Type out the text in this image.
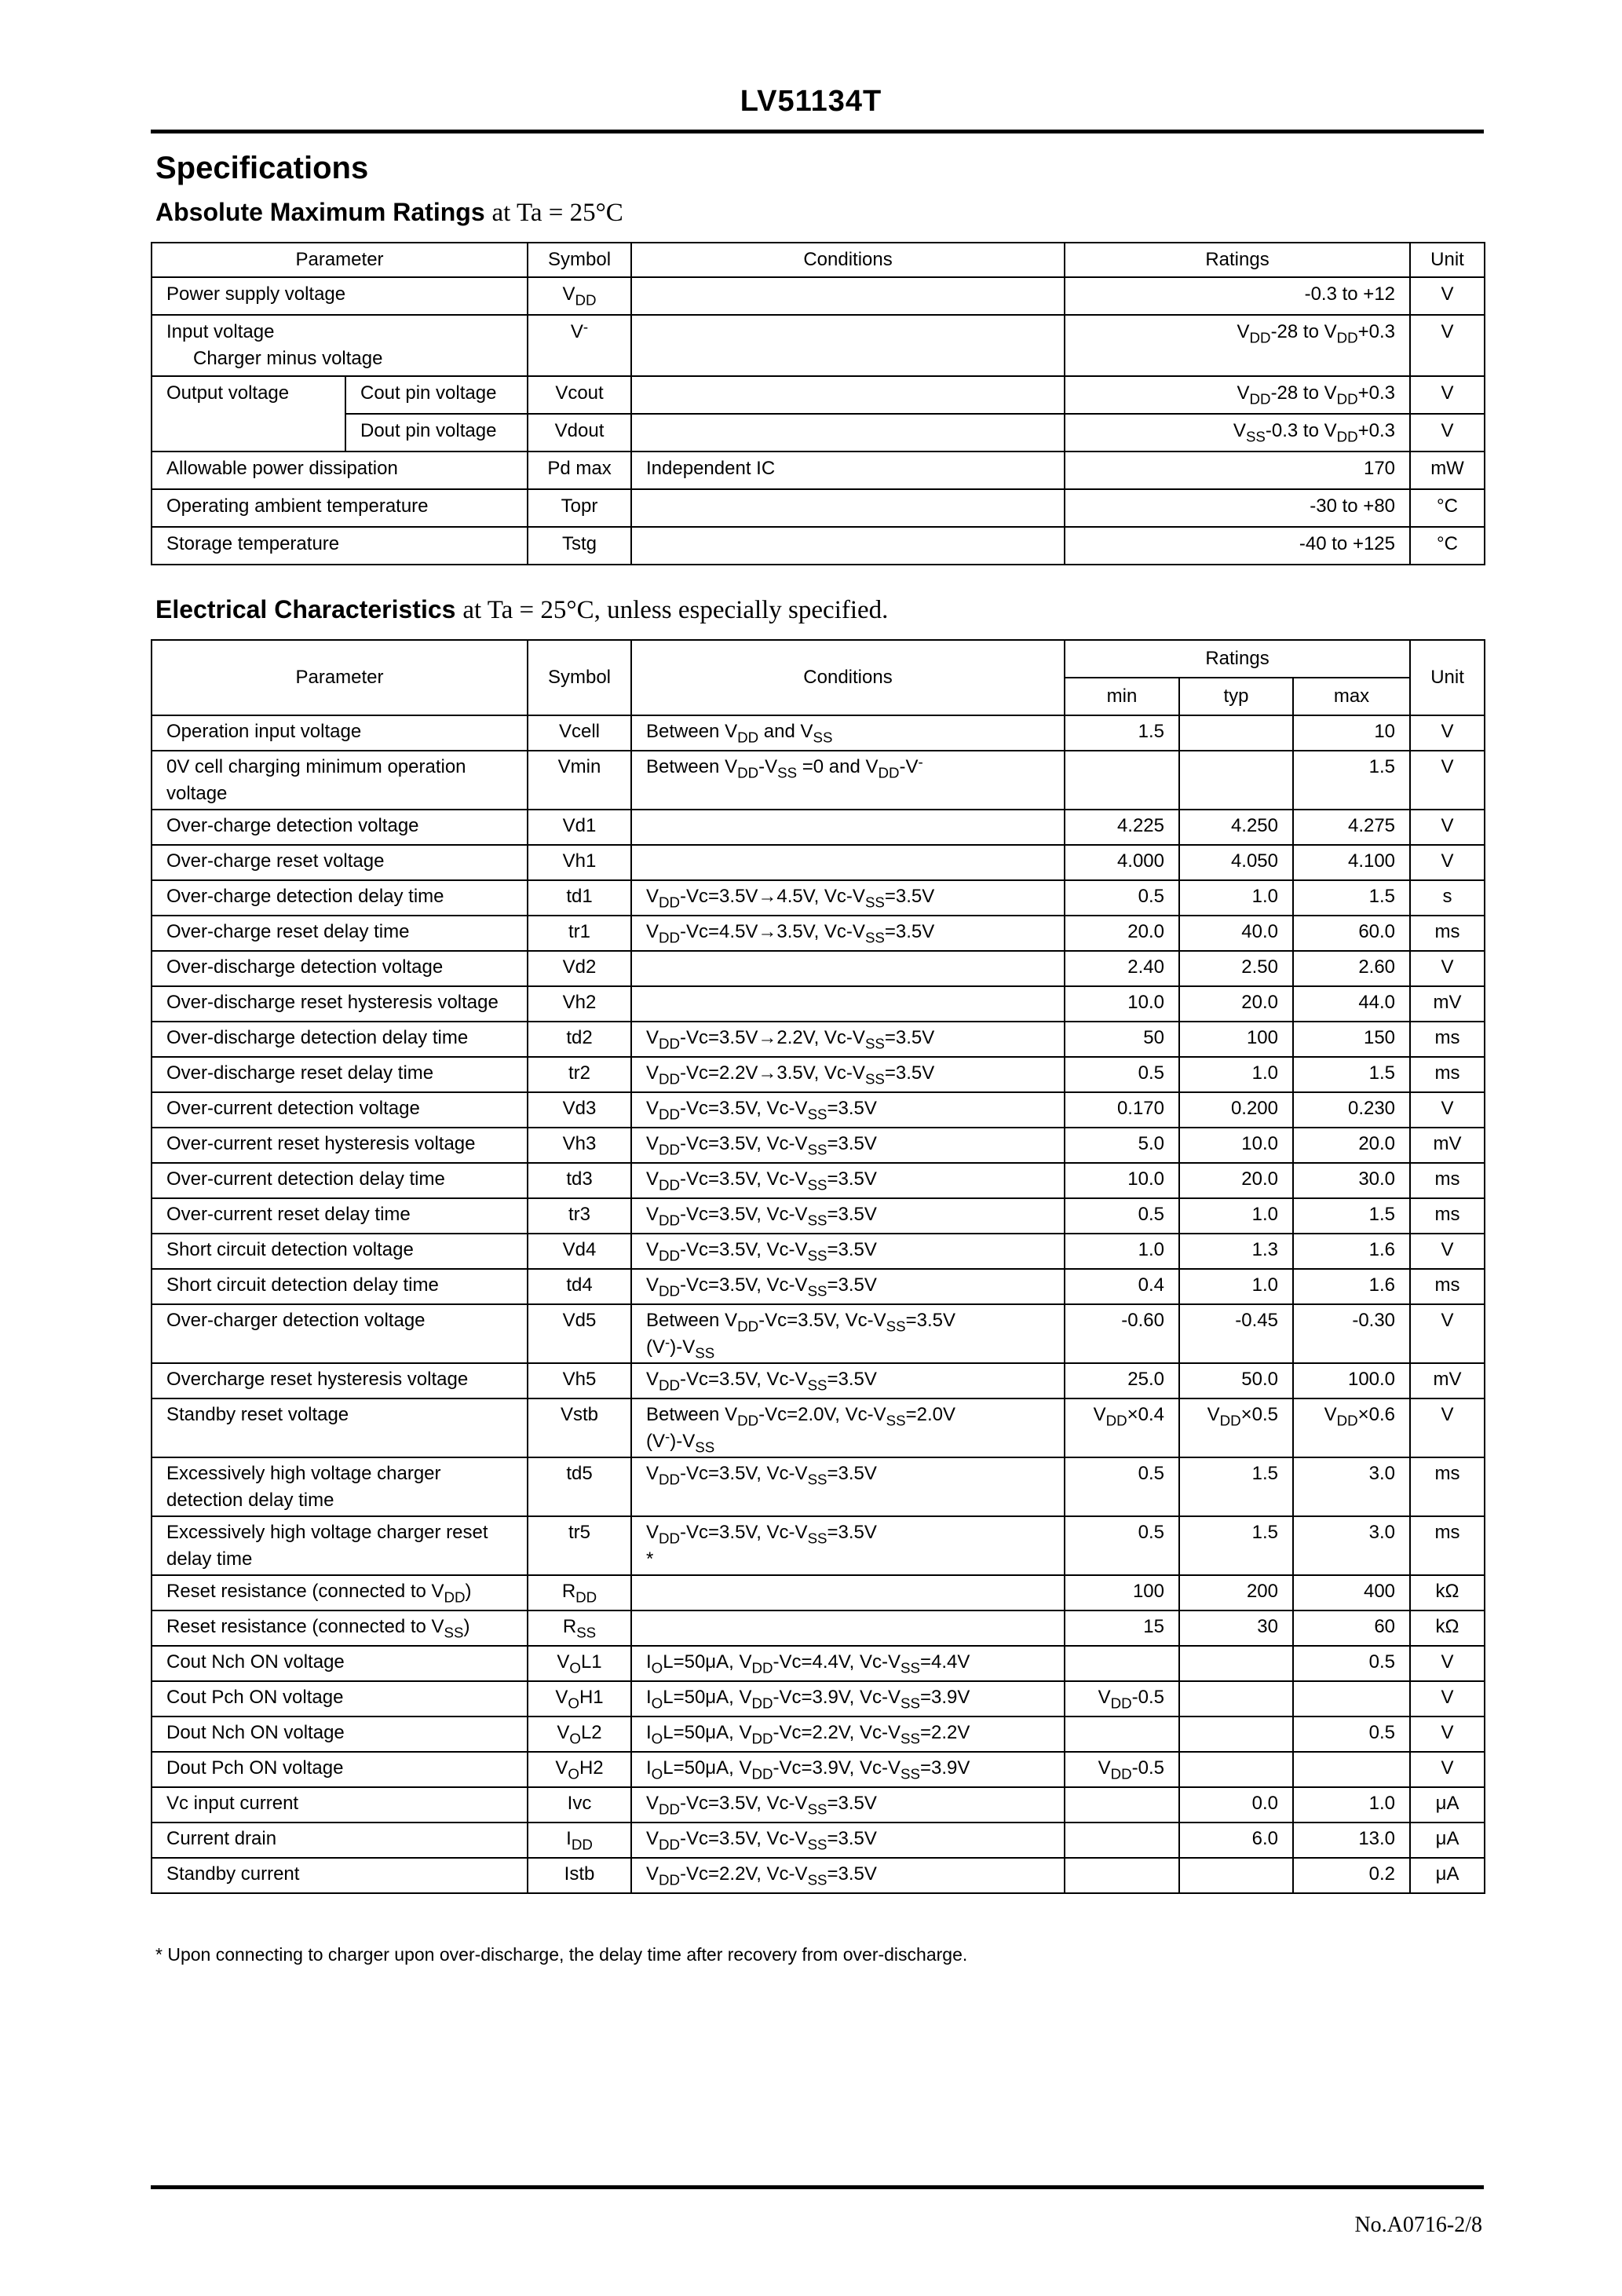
LV51134T
Specifications
Absolute Maximum Ratings at Ta = 25°C
Parameter		Symbol	Conditions	Ratings	Unit
Power supply voltage		$V_{DD}$		-0.3 to +12	V
Input voltage
Charger minus voltage		V-		$V_{DD}-28$ to $V_{DD}+0.3$	V
Output voltage	Cout pin voltage	Vcout		$V_{DD}-28$ to $V_{DD}+0.3$	V
	Dout pin voltage	Vdout		$V_{SS}-0.3$ to $V_{DD}+0.3$	V
Allowable power dissipation		Pd max	Independent IC	170	mW
Operating ambient temperature		Topr		-30 to +80	°C
Storage temperature		Tstg		-40 to +125	°C
Electrical Characteristics at Ta = 25°C, unless especially specified.
Parameter	Symbol	Conditions	Ratings			Unit
			min	typ	max	
Operation input voltage	Vcell	Between $V_{DD}$ and $V_{SS}$	1.5		10	V
0V cell charging minimum operation voltage	Vmin	Between $V_{DD}-V_{SS} =0$ and $V_{DD}-V^-$			1.5	V
Over-charge detection voltage	Vd1		4.225	4.250	4.275	V
Over-charge reset voltage	Vh1		4.000	4.050	4.100	V
Over-charge detection delay time	td1	$V_{DD}-Vc=3.5V\to 4.5V$, $Vc-V_{SS}=3.5V$	0.5	1.0	1.5	s
Over-charge reset delay time	tr1	$V_{DD}-Vc=4.5V\to 3.5V$, $Vc-V_{SS}=3.5V$	20.0	40.0	60.0	ms
Over-discharge detection voltage	Vd2		2.40	2.50	2.60	V
Over-discharge reset hysteresis voltage	Vh2		10.0	20.0	44.0	mV
Over-discharge detection delay time	td2	$V_{DD}-Vc=3.5V\to 2.2V$, $Vc-V_{SS}=3.5V$	50	100	150	ms
Over-discharge reset delay time	tr2	$V_{DD}-Vc=2.2V\to 3.5V$, $Vc-V_{SS}=3.5V$	0.5	1.0	1.5	ms
Over-current detection voltage	Vd3	$V_{DD}-Vc=3.5V$, $Vc-V_{SS}=3.5V$	0.170	0.200	0.230	V
Over-current reset hysteresis voltage	Vh3	$V_{DD}-Vc=3.5V$, $Vc-V_{SS}=3.5V$	5.0	10.0	20.0	mV
Over-current detection delay time	td3	$V_{DD}-Vc=3.5V$, $Vc-V_{SS}=3.5V$	10.0	20.0	30.0	ms
Over-current reset delay time	tr3	$V_{DD}-Vc=3.5V$, $Vc-V_{SS}=3.5V$	0.5	1.0	1.5	ms
Short circuit detection voltage	Vd4	$V_{DD}-Vc=3.5V$, $Vc-V_{SS}=3.5V$	1.0	1.3	1.6	V
Short circuit detection delay time	td4	$V_{DD}-Vc=3.5V$, $Vc-V_{SS}=3.5V$	0.4	1.0	1.6	ms
Over-charger detection voltage	Vd5	Between $V_{DD}-Vc=3.5V$, $Vc-V_{SS}=3.5V$
$(V^-)-V_{SS}$	-0.60	-0.45	-0.30	V
Overcharge reset hysteresis voltage	Vh5	$V_{DD}-Vc=3.5V$, $Vc-V_{SS}=3.5V$	25.0	50.0	100.0	mV
Standby reset voltage	Vstb	Between $V_{DD}-Vc=2.0V$, $Vc-V_{SS}=2.0V$
$(V^-)-V_{SS}$	$V_{DD}\times 0.4$	$V_{DD}\times 0.5$	$V_{DD}\times 0.6$	V
Excessively high voltage charger detection delay time	td5	$V_{DD}-Vc=3.5V$, $Vc-V_{SS}=3.5V$	0.5	1.5	3.0	ms
Excessively high voltage charger reset delay time	tr5	$V_{DD}-Vc=3.5V$, $Vc-V_{SS}=3.5V$
*	0.5	1.5	3.0	ms
Reset resistance (connected to $V_{DD}$)	$R_{DD}$		100	200	400	kΩ
Reset resistance (connected to $V_{SS}$)	$R_{SS}$		15	30	60	kΩ
Cout Nch ON voltage	$V_OL1$	$I_OL=50\mu A$, $V_{DD}-Vc=4.4V$, $Vc-V_{SS}=4.4V$			0.5	V
Cout Pch ON voltage	$V_OH1$	$I_OL=50\mu A$, $V_{DD}-Vc=3.9V$, $Vc-V_{SS}=3.9V$	$V_{DD}-0.5$			V
Dout Nch ON voltage	$V_OL2$	$I_OL=50\mu A$, $V_{DD}-Vc=2.2V$, $Vc-V_{SS}=2.2V$			0.5	V
Dout Pch ON voltage	$V_OH2$	$I_OL=50\mu A$, $V_{DD}-Vc=3.9V$, $Vc-V_{SS}=3.9V$	$V_{DD}-0.5$			V
Vc input current	Ivc	$V_{DD}-Vc=3.5V$, $Vc-V_{SS}=3.5V$		0.0	1.0	μA
Current drain	$I_{DD}$	$V_{DD}-Vc=3.5V$, $Vc-V_{SS}=3.5V$		6.0	13.0	μA
Standby current	Istb	$V_{DD}-Vc=2.2V$, $Vc-V_{SS}=3.5V$			0.2	μA
* Upon connecting to charger upon over-discharge, the delay time after recovery from over-discharge.
No.A0716-2/8
